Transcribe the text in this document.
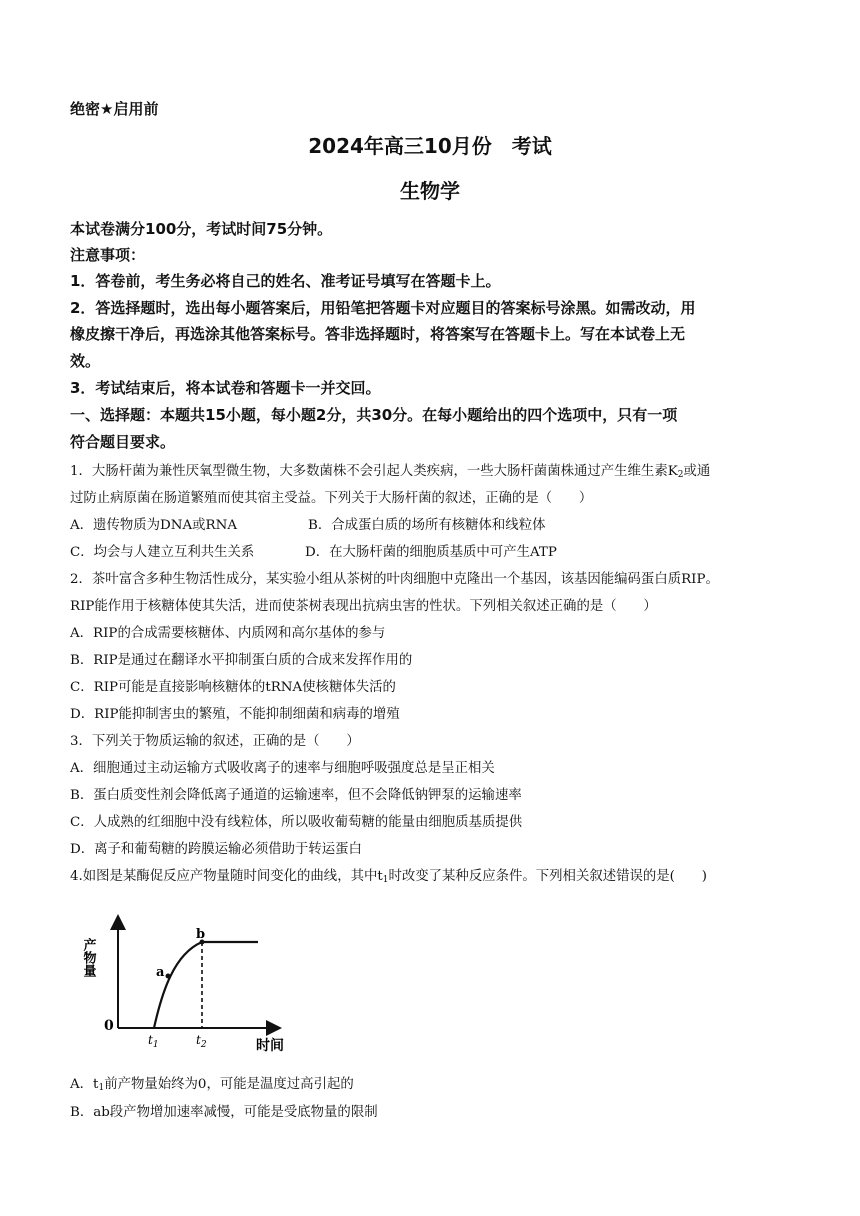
绝密★启用前
2024年高三10月份　考试
生物学
本试卷满分100分，考试时间75分钟。
注意事项：
1．答卷前，考生务必将自己的姓名、准考证号填写在答题卡上。
2．答选择题时，选出每小题答案后，用铅笔把答题卡对应题目的答案标号涂黑。如需改动，用
橡皮擦干净后，再选涂其他答案标号。答非选择题时，将答案写在答题卡上。写在本试卷上无
效。
3．考试结束后，将本试卷和答题卡一并交回。
一、选择题：本题共15小题，每小题2分，共30分。在每小题给出的四个选项中，只有一项
符合题目要求。
1．大肠杆菌为兼性厌氧型微生物，大多数菌株不会引起人类疾病，一些大肠杆菌菌株通过产生维生素$K_2$或通
过防止病原菌在肠道繁殖而使其宿主受益。下列关于大肠杆菌的叙述，正确的是（　　）
A．遗传物质为DNA或RNA	B．合成蛋白质的场所有核糖体和线粒体
C．均会与人建立互利共生关系	D．在大肠杆菌的细胞质基质中可产生ATP
2．茶叶富含多种生物活性成分，某实验小组从茶树的叶肉细胞中克隆出一个基因，该基因能编码蛋白质RIP。
RIP能作用于核糖体使其失活，进而使茶树表现出抗病虫害的性状。下列相关叙述正确的是（　　）
A．RIP的合成需要核糖体、内质网和高尔基体的参与
B．RIP是通过在翻译水平抑制蛋白质的合成来发挥作用的
C．RIP可能是直接影响核糖体的tRNA使核糖体失活的
D．RIP能抑制害虫的繁殖，不能抑制细菌和病毒的增殖
3．下列关于物质运输的叙述，正确的是（　　）
A．细胞通过主动运输方式吸收离子的速率与细胞呼吸强度总是呈正相关
B．蛋白质变性剂会降低离子通道的运输速率，但不会降低钠钾泵的运输速率
C．人成熟的红细胞中没有线粒体，所以吸收葡萄糖的能量由细胞质基质提供
D．离子和葡萄糖的跨膜运输必须借助于转运蛋白
4.如图是某酶促反应产物量随时间变化的曲线，其中$t_1$时改变了某种反应条件。下列相关叙述错误的是(　　)
产物量
0
a
b
$t_1$	$t_2$	时间
A．$t_1$前产物量始终为0，可能是温度过高引起的
B．ab段产物增加速率减慢，可能是受底物量的限制
